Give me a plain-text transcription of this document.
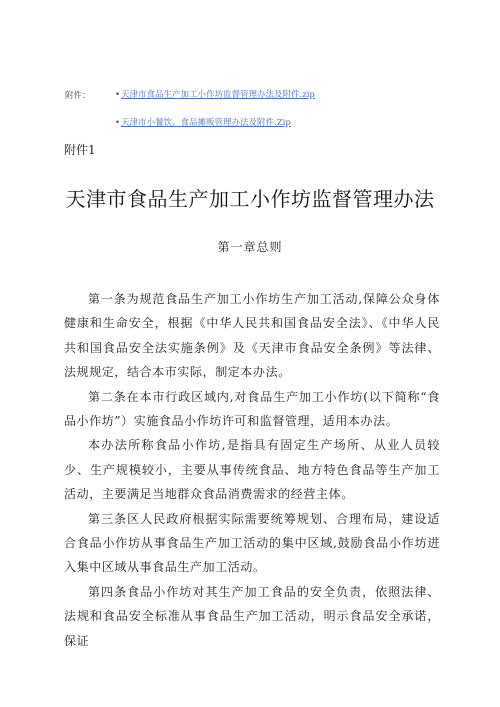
附件：	•天津市食品生产加工小作坊监督管理办法及附件.zip
•天津市小餐饮、食品摊贩管理办法及附件.Zip
附件1
天津市食品生产加工小作坊监督管理办法
第一章总则

第一条为规范食品生产加工小作坊生产加工活动,保障公众身体健康和生命安全，根据《中华人民共和国食品安全法》、《中华人民共和国食品安全法实施条例》及《天津市食品安全条例》等法律、法规规定，结合本市实际，制定本办法。

第二条在本市行政区域内,对食品生产加工小作坊(以下简称“食品小作坊”）实施食品小作坊许可和监督管理，适用本办法。

本办法所称食品小作坊,是指具有固定生产场所、从业人员较少、生产规模较小，主要从事传统食品、地方特色食品等生产加工活动，主要满足当地群众食品消费需求的经营主体。

第三条区人民政府根据实际需要统筹规划、合理布局，建设适合食品小作坊从事食品生产加工活动的集中区域,鼓励食品小作坊进入集中区域从事食品生产加工活动。

第四条食品小作坊对其生产加工食品的安全负责，依照法律、法规和食品安全标准从事食品生产加工活动，明示食品安全承诺，保证
